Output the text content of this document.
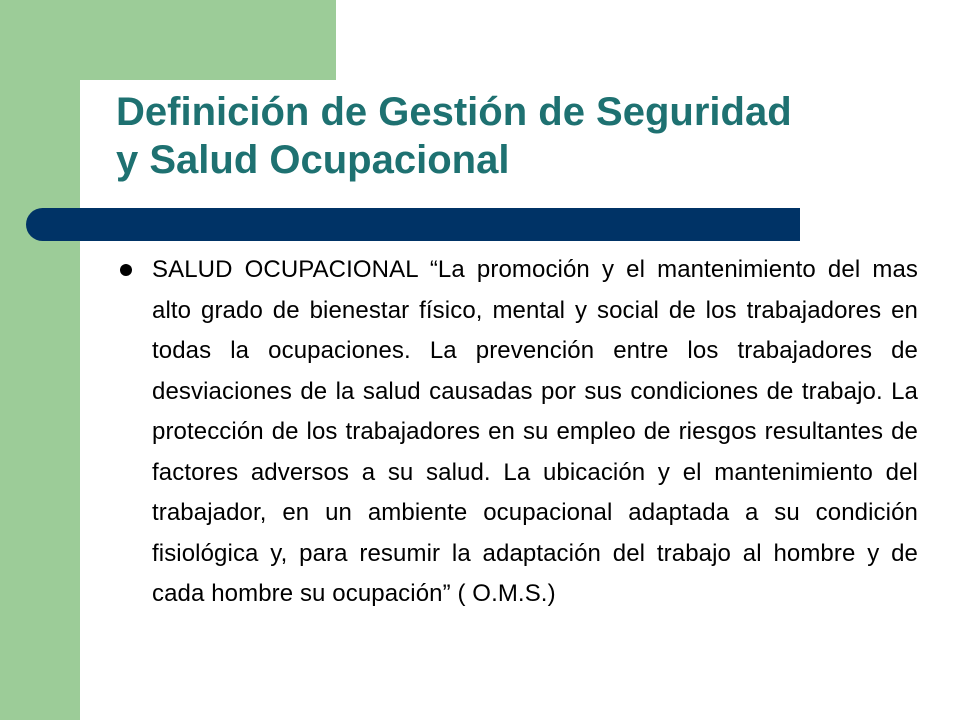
Definición de Gestión de Seguridad
y Salud Ocupacional

SALUD OCUPACIONAL “La promoción y el mantenimiento del mas alto grado de bienestar físico, mental y social de los trabajadores en todas la ocupaciones. La prevención entre los trabajadores de desviaciones de la salud causadas por sus condiciones de trabajo. La protección de los trabajadores en su empleo de riesgos resultantes de factores adversos a su salud. La ubicación y el mantenimiento del trabajador, en un ambiente ocupacional adaptada a su condición fisiológica y, para resumir la adaptación del trabajo al hombre y de cada hombre su ocupación” ( O.M.S.)
